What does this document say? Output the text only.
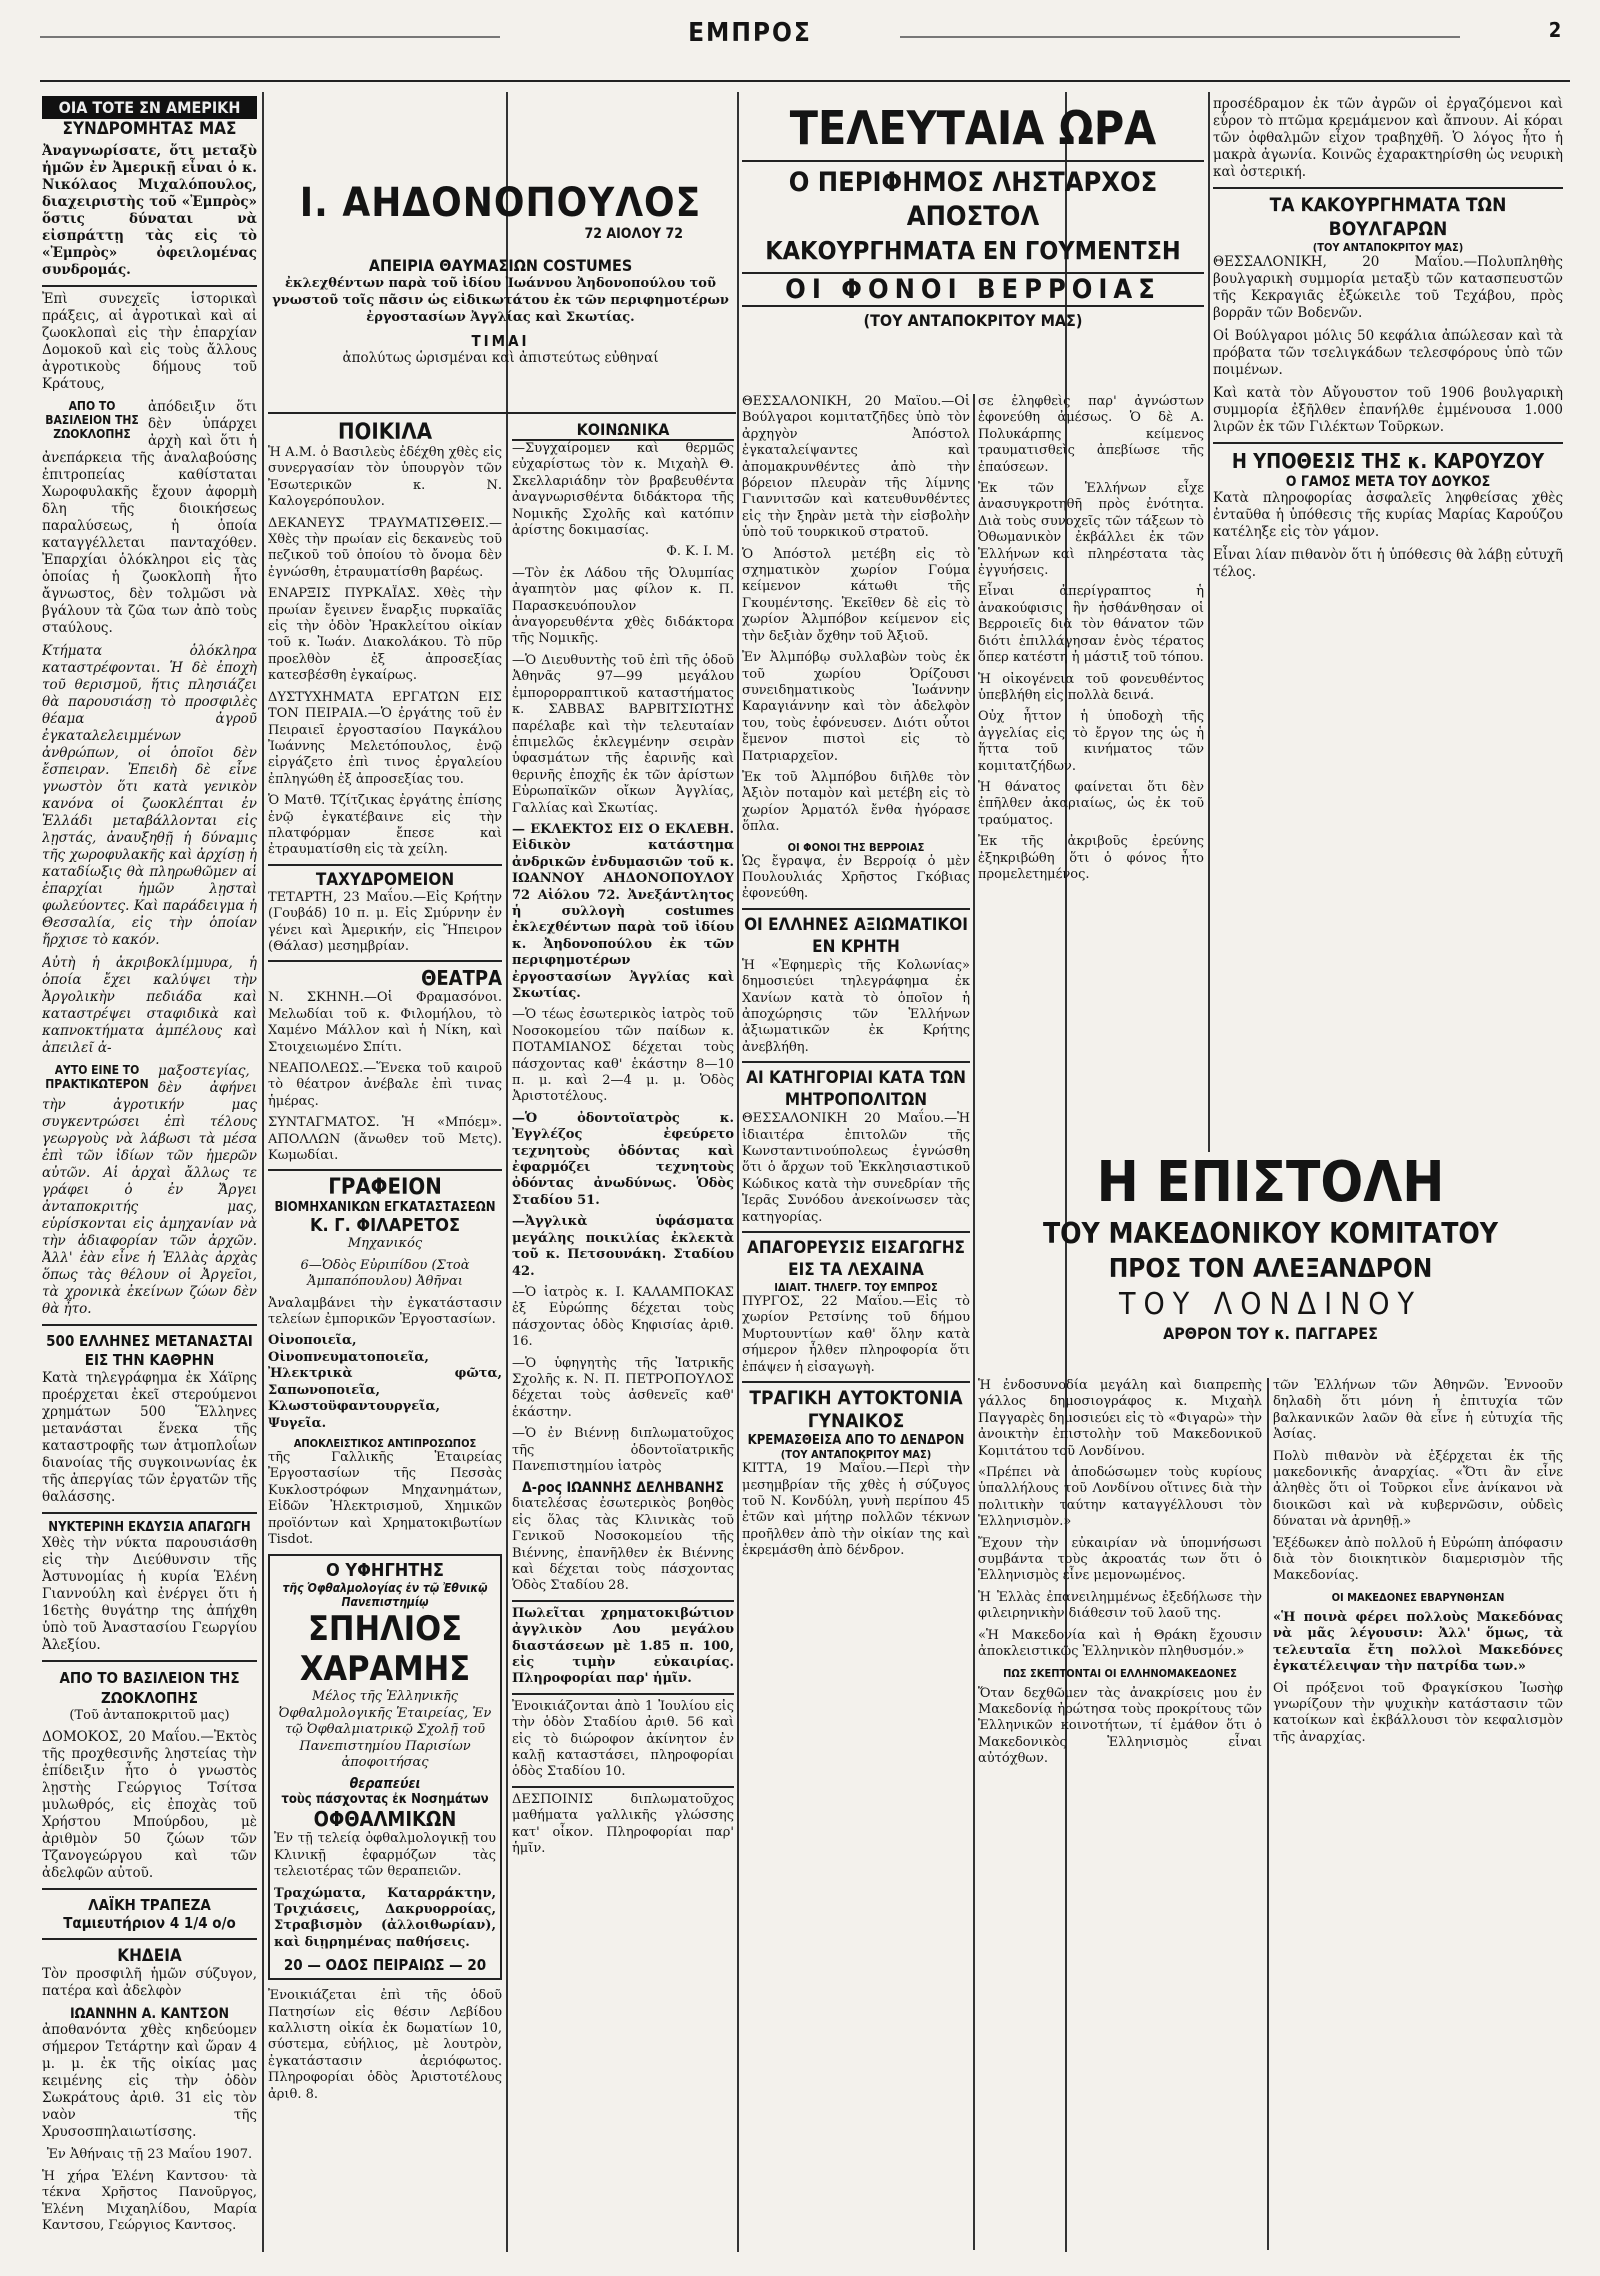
ΕΜΠΡΟΣ	2
ΟΙΑ ΤΟΤΕ ΣΝ ΑΜΕΡΙΚΗ
ΣΥΝΔΡΟΜΗΤΑΣ ΜΑΣ

Ἀναγνωρίσατε, ὅτι μεταξὺ ἡμῶν ἐν Ἀμερικῇ εἶναι ὁ κ. Νικόλαος Μιχαλόπουλος, διαχειριστὴς τοῦ «Ἐμπρὸς» ὅστις δύναται νὰ εἰσπράττῃ τὰς εἰς τὸ «Ἐμπρὸς» ὀφειλομένας συνδρομάς.

Ἐπὶ συνεχεῖς ἱστορικαὶ πράξεις, αἱ ἀγροτικαὶ καὶ αἱ ζωοκλοπαὶ εἰς τὴν ἐπαρχίαν Δομοκοῦ καὶ εἰς τοὺς ἄλλους ἀγροτικοὺς δήμους τοῦ Κράτους,

ΑΠΟ ΤΟ ΒΑΣΙΛΕΙΟΝ ΤΗΣ ΖΩΟΚΛΟΠΗΣ

ἀπόδειξιν ὅτι δὲν ὑπάρχει ἀρχὴ καὶ ὅτι ἡ ἀνεπάρκεια τῆς ἀναλαβούσης ἐπιτροπείας καθίσταται Χωροφυλακῆς ἔχουν ἀφορμὴ δλη τῆς διοικήσεως παραλύσεως, ἡ ὁποία καταγγέλλεται πανταχόθεν. Ἐπαρχίαι ὁλόκληροι εἰς τὰς ὁποίας ἡ ζωοκλοπὴ ἦτο ἄγνωστος, δὲν τολμῶσι νὰ βγάλουν τὰ ζῶα των ἀπὸ τοὺς σταύλους.

Κτήματα ὁλόκληρα καταστρέφονται. Ἡ δὲ ἐποχὴ τοῦ θερισμοῦ, ἥτις πλησιάζει θὰ παρουσιάσῃ τὸ προσφιλὲς θέαμα ἀγροῦ ἐγκαταλελειμμένων ἀνθρώπων, οἱ ὁποῖοι δὲν ἔσπειραν. Ἐπειδὴ δὲ εἶνε γνωστὸν ὅτι κατὰ γενικὸν κανόνα οἱ ζωοκλέπται ἐν Ἑλλάδι μεταβάλλονται εἰς λῃστάς, ἀναυξηθῇ ἡ δύναμις τῆς χωροφυλακῆς καὶ ἀρχίσῃ ἡ καταδίωξις θὰ πληρωθῶμεν αἱ ἐπαρχίαι ἡμῶν λῃσταὶ φωλεύοντες. Καὶ παράδειγμα ἡ Θεσσαλία, εἰς τὴν ὁποίαν ἤρχισε τὸ κακόν.

Αὐτὴ ἡ ἀκριβοκλίμμυρα, ἡ ὁποία ἔχει καλύψει τὴν Ἀργολικὴν πεδιάδα καὶ καταστρέψει σταφιδικὰ καὶ καπνοκτήματα ἀμπέλους καὶ ἀπειλεῖ ἀ-

ΑΥΤΟ ΕΙΝΕ ΤΟ ΠΡΑΚΤΙΚΩΤΕΡΟΝ

μαξοστεγίας, δὲν ἀφήνει τὴν ἀγροτικήν μας συγκεντρώσει ἐπὶ τέλους γεωργοὺς νὰ λάβωσι τὰ μέσα ἐπὶ τῶν ἰδίων τῶν ἡμερῶν αὐτῶν. Αἱ ἀρχαὶ ἄλλως τε γράφει ὁ ἐν Ἄργει ἀνταποκριτής μας, εὑρίσκονται εἰς ἀμηχανίαν νὰ τὴν ἀδιαφορίαν τῶν ἀρχῶν. Ἀλλ' ἐὰν εἶνε ἡ Ἑλλὰς ἀρχὰς ὅπως τὰς θέλουν οἱ Ἀργεῖοι, τὰ χρονικὰ ἐκείνων ζώων δὲν θὰ ἦτο.

500 ΕΛΛΗΝΕΣ ΜΕΤΑΝΑΣΤΑΙ ΕΙΣ ΤΗΝ ΚΑΘΡΗΝ

Κατὰ τηλεγράφημα ἐκ Χάϊρης προέρχεται ἐκεῖ στερούμενοι χρημάτων 500 Ἕλληνες μετανάσται ἕνεκα τῆς καταστροφῆς των ἀτμοπλοΐων διανοίας τῆς συγκοινωνίας ἐκ τῆς ἀπεργίας τῶν ἐργατῶν τῆς θαλάσσης.

ΝΥΚΤΕΡΙΝΗ ΕΚΔΥΣΙΑ ΑΠΑΓΩΓΗ

Χθὲς τὴν νύκτα παρουσιάσθη εἰς τὴν Διεύθυνσιν τῆς Ἀστυνομίας ἡ κυρία Ἑλένη Γιαννούλη καὶ ἐνέργει ὅτι ἡ 16ετὴς θυγάτηρ της ἀπήχθη ὑπὸ τοῦ Ἀναστασίου Γεωργίου Ἀλεξίου.

ΑΠΟ ΤΟ ΒΑΣΙΛΕΙΟΝ ΤΗΣ ΖΩΟΚΛΟΠΗΣ
(Τοῦ ἀνταποκριτοῦ μας)

ΔΟΜΟΚΟΣ, 20 Μαΐου.—Ἐκτὸς τῆς προχθεσινῆς ληστείας τὴν ἐπίδειξιν ἦτο ὁ γνωστὸς λῃστὴς Γεώργιος Τσίτσα μυλωθρός, εἰς ἐποχὰς τοῦ Χρήστου Μπούρδου, μὲ ἀριθμὸν 50 ζώων τῶν Τζανογεώργου καὶ τῶν ἀδελφῶν αὐτοῦ.

ΛΑΪΚΗ ΤΡΑΠΕΖΑ
Ταμιευτήριον 4 1/4 ο/ο
ΚΗΔΕΙΑ

Τὸν προσφιλῆ ἡμῶν σύζυγον, πατέρα καὶ ἀδελφὸν

ΙΩΑΝΝΗΝ Α. ΚΑΝΤΣΟΝ

ἀποθανόντα χθὲς κηδεύομεν σήμερον Τετάρτην καὶ ὥραν 4 μ. μ. ἐκ τῆς οἰκίας μας κειμένης εἰς τὴν ὁδὸν Σωκράτους ἀριθ. 31 εἰς τὸν ναὸν τῆς Χρυσοσπηλαιωτίσσης.

Ἐν Ἀθήναις τῇ 23 Μαΐου 1907.

Ἡ χήρα Ἑλένη Καντσου· τὰ τέκνα Χρῆστος Πανοῦργος, Ἑλένη Μιχαηλίδου, Μαρία Καντσου, Γεώργιος Καντσος.

Ι. ΑΗΔΟΝΟΠΟΥΛΟΣ
72 ΑΙΟΛΟΥ 72
ΑΠΕΙΡΙΑ ΘΑΥΜΑΣΙΩΝ COSTUMES

ἐκλεχθέντων παρὰ τοῦ ἰδίου Ἰωάννου Ἀηδονοπούλου τοῦ γνωστοῦ τοῖς πᾶσιν ὡς εἰδικωτάτου ἐκ τῶν περιφημοτέρων ἐργοστασίων Ἀγγλίας καὶ Σκωτίας.

ΤΙΜΑΙ

ἀπολύτως ὡρισμέναι καὶ ἀπιστεύτως εὐθηναί

ΠΟΙΚΙΛΑ

Ἡ Α.Μ. ὁ Βασιλεὺς ἐδέχθη χθὲς εἰς συνεργασίαν τὸν ὑπουργὸν τῶν Ἐσωτερικῶν κ. Ν. Καλογερόπουλον.

ΔΕΚΑΝΕΥΣ ΤΡΑΥΜΑΤΙΣΘΕΙΣ.—Χθὲς τὴν πρωίαν εἰς δεκανεὺς τοῦ πεζικοῦ τοῦ ὁποίου τὸ ὄνομα δὲν ἐγνώσθη, ἐτραυματίσθη βαρέως.

ΕΝΑΡΞΙΣ ΠΥΡΚΑΪΑΣ. Χθὲς τὴν πρωίαν ἔγεινεν ἔναρξις πυρκαϊᾶς εἰς τὴν ὁδὸν Ἡρακλείτου οἰκίαν τοῦ κ. Ἰωάν. Διακολάκου. Τὸ πῦρ προελθὸν ἐξ ἀπροσεξίας κατεσβέσθη ἐγκαίρως.

ΔΥΣΤΥΧΗΜΑΤΑ ΕΡΓΑΤΩΝ ΕΙΣ ΤΟΝ ΠΕΙΡΑΙΑ.—Ὁ ἐργάτης τοῦ ἐν Πειραιεῖ ἐργοστασίου Παγκάλου Ἰωάννης Μελετόπουλος, ἐνῷ εἰργάζετο ἐπὶ τινος ἐργαλείου ἐπληγώθη ἐξ ἀπροσεξίας του.

Ὁ Ματθ. Τζίτζικας ἐργάτης ἐπίσης ἐνῷ ἐγκατέβαινε εἰς τὴν πλατφόρμαν ἔπεσε καὶ ἐτραυματίσθη εἰς τὰ χείλη.

ΤΑΧΥΔΡΟΜΕΙΟΝ

ΤΕΤΑΡΤΗ, 23 Μαΐου.—Εἰς Κρήτην (Γουβάδ) 10 π. μ. Εἰς Σμύρνην ἐν γένει καὶ Ἀμερικήν, εἰς Ἤπειρον (Θάλασ) μεσημβρίαν.

ΘΕΑΤΡΑ

Ν. ΣΚΗΝΗ.—Οἱ Φραμασόνοι. Μελωδίαι τοῦ κ. Φιλομήλου, τὸ Χαμένο Μάλλον καὶ ἡ Νίκη, καὶ Στοιχειωμένο Σπίτι.

ΝΕΑΠΟΛΕΩΣ.—Ἕνεκα τοῦ καιροῦ τὸ θέατρον ἀνέβαλε ἐπὶ τινας ἡμέρας.

ΣΥΝΤΑΓΜΑΤΟΣ. Ἡ «Μπόεμ». ΑΠΟΛΛΩΝ (ἄνωθεν τοῦ Μετς). Κωμωδίαι.

ΓΡΑΦΕΙΟΝ
ΒΙΟΜΗΧΑΝΙΚΩΝ ΕΓΚΑΤΑΣΤΑΣΕΩΝ
Κ. Γ. ΦΙΛΑΡΕΤΟΣ
Μηχανικός

6—Ὁδὸς Εὐριπίδου (Στοὰ Ἀμπαπόπουλου) Ἀθῆναι

Ἀναλαμβάνει τὴν ἐγκατάστασιν τελείων ἐμπορικῶν Ἐργοστασίων.

Οἰνοποιεῖα, Οἰνοπνευματοποιεῖα, Ἠλεκτρικὰ φῶτα, Σαπωνοποιεῖα, Κλωστοϋφαντουργεῖα, Ψυγεῖα.

ΑΠΟΚΛΕΙΣΤΙΚΟΣ ΑΝΤΙΠΡΟΣΩΠΟΣ

τῆς Γαλλικῆς Ἑταιρείας Ἐργοστασίων τῆς Πεσσὰς Κυκλοστρόφων Μηχανημάτων, Εἰδῶν Ἠλεκτρισμοῦ, Χημικῶν προϊόντων καὶ Χρηματοκιβωτίων Tisdot.

Ο ΥΦΗΓΗΤΗΣ
τῆς Ὀφθαλμολογίας ἐν τῷ Ἐθνικῷ Πανεπιστημίῳ
ΣΠΗΛΙΟΣ
ΧΑΡΑΜΗΣ

Μέλος τῆς Ἑλληνικῆς Ὀφθαλμολογικῆς Ἑταιρείας, Ἐν τῷ Ὀφθαλμιατρικῷ Σχολῇ τοῦ Πανεπιστημίου Παρισίων ἀποφοιτήσας

θεραπεύει
τοὺς πάσχοντας ἐκ Νοσημάτων
ΟΦΘΑΛΜΙΚΩΝ

Ἐν τῇ τελείᾳ ὀφθαλμολογικῇ του Κλινικῇ ἐφαρμόζων τὰς τελειοτέρας τῶν θεραπειῶν.

Τραχώματα, Καταρράκτην, Τριχιάσεις, Δακρυορροίας, Στραβισμὸν (ἀλλοιθωρίαν), καὶ διῃρημένας παθήσεις.

20 — ΟΔΟΣ ΠΕΙΡΑΙΩΣ — 20

Ἐνοικιάζεται ἐπὶ τῆς ὁδοῦ Πατησίων εἰς θέσιν Λεβίδου καλλιστη οἰκία ἐκ δωματίων 10, σύστεμα, εὐήλιος, μὲ λουτρὸν, ἐγκατάστασιν ἀεριόφωτος. Πληροφορίαι ὁδὸς Ἀριστοτέλους ἀριθ. 8.

ΚΟΙΝΩΝΙΚΑ

—Συγχαίρομεν καὶ θερμῶς εὐχαρίστως τὸν κ. Μιχαὴλ Θ. Σκελλαριάδην τὸν βραβευθέντα ἀναγνωρισθέντα διδάκτορα τῆς Νομικῆς Σχολῆς καὶ κατόπιν ἀρίστης δοκιμασίας.

Φ. Κ. Ι. Μ.

—Τὸν ἐκ Λάδου τῆς Ὀλυμπίας ἀγαπητὸν μας φίλον κ. Π. Παρασκευόπουλον ἀναγορευθέντα χθὲς διδάκτορα τῆς Νομικῆς.

—Ὁ Διευθυντὴς τοῦ ἐπὶ τῆς ὁδοῦ Ἀθηνᾶς 97—99 μεγάλου ἐμπορορραπτικοῦ καταστήματος κ. ΣΑΒΒΑΣ ΒΑΡΒΙΤΣΙΩΤΗΣ παρέλαβε καὶ τὴν τελευταίαν ἐπιμελῶς ἐκλεγμένην σειρὰν ὑφασμάτων τῆς ἐαρινῆς καὶ θερινῆς ἐποχῆς ἐκ τῶν ἀρίστων Εὐρωπαϊκῶν οἴκων Ἀγγλίας, Γαλλίας καὶ Σκωτίας.

— ΕΚΛΕΚΤΟΣ ΕΙΣ Ο ΕΚΛΕΒΗ. Εἰδικὸν κατάστημα ἀνδρικῶν ἐνδυμασιῶν τοῦ κ. ΙΩΑΝΝΟΥ ΑΗΔΟΝΟΠΟΥΛΟΥ 72 Αἰόλου 72. Ἀνεξάντλητος ἡ συλλογὴ costumes ἐκλεχθέντων παρὰ τοῦ ἰδίου κ. Ἀηδονοπούλου ἐκ τῶν περιφημοτέρων ἐργοστασίων Ἀγγλίας καὶ Σκωτίας.

—Ὁ τέως ἐσωτερικὸς ἰατρὸς τοῦ Νοσοκομείου τῶν παίδων κ. ΠΟΤΑΜΙΑΝΟΣ δέχεται τοὺς πάσχοντας καθ' ἑκάστην 8—10 π. μ. καὶ 2—4 μ. μ. Ὁδὸς Ἀριστοτέλους.

—Ὁ ὀδοντοϊατρὸς κ. Ἐγγλέζος ἐφεύρετο τεχνητοὺς ὀδόντας καὶ ἐφαρμόζει τεχνητοὺς ὀδόντας ἀνωδύνως. Ὁδὸς Σταδίου 51.

—Ἀγγλικὰ ὑφάσματα μεγάλης ποικιλίας ἐκλεκτὰ τοῦ κ. Πετσουνάκη. Σταδίου 42.

—Ὁ ἰατρὸς κ. Ι. ΚΑΛΑΜΠΟΚΑΣ ἐξ Εὐρώπης δέχεται τοὺς πάσχοντας ὁδὸς Κηφισίας ἀριθ. 16.

—Ὁ ὑφηγητὴς τῆς Ἰατρικῆς Σχολῆς κ. Ν. Π. ΠΕΤΡΟΠΟΥΛΟΣ δέχεται τοὺς ἀσθενεῖς καθ' ἑκάστην.

—Ὁ ἐν Βιέννῃ διπλωματοῦχος τῆς ὁδοντοϊατρικῆς Πανεπιστημίου ἰατρὸς

Δ-ρος ΙΩΑΝΝΗΣ ΔΕΛΗΒΑΝΗΣ

διατελέσας ἐσωτερικὸς βοηθὸς εἰς ὅλας τὰς Κλινικὰς τοῦ Γενικοῦ Νοσοκομείου τῆς Βιέννης, ἐπανῆλθεν ἐκ Βιέννης καὶ δέχεται τοὺς πάσχοντας Ὁδὸς Σταδίου 28.

Πωλεῖται χρηματοκιβώτιον ἀγγλικὸν Λου μεγάλου διαστάσεων μὲ 1.85 π. 100, εἰς τιμὴν εὐκαιρίας. Πληροφορίαι παρ' ἡμῖν.

Ἐνοικιάζονται ἀπὸ 1 Ἰουλίου εἰς τὴν ὁδὸν Σταδίου ἀριθ. 56 καὶ εἰς τὸ διώροφον ἀκίνητον ἐν καλῇ καταστάσει, πληροφορίαι ὁδὸς Σταδίου 10.

ΔΕΣΠΟΙΝΙΣ διπλωματοῦχος μαθήματα γαλλικῆς γλώσσης κατ' οἶκον. Πληροφορίαι παρ' ἡμῖν.

ΤΕΛΕΥΤΑΙΑ ΩΡΑ
Ο ΠΕΡΙΦΗΜΟΣ ΛΗΣΤΑΡΧΟΣ ΑΠΟΣΤΟΛ
ΚΑΚΟΥΡΓΗΜΑΤΑ ΕΝ ΓΟΥΜΕΝΤΣΗ
ΟΙ ΦΟΝΟΙ ΒΕΡΡΟΙΑΣ
(ΤΟΥ ΑΝΤΑΠΟΚΡΙΤΟΥ ΜΑΣ)

ΘΕΣΣΑΛΟΝΙΚΗ, 20 Μαΐου.—Οἱ Βούλγαροι κομιτατζῆδες ὑπὸ τὸν ἀρχηγὸν Ἀπόστολ ἐγκαταλείψαντες καὶ ἀπομακρυνθέντες ἀπὸ τὴν βόρειον πλευρὰν τῆς λίμνης Γιαννιτσῶν καὶ κατευθυνθέντες εἰς τὴν ξηρὰν μετὰ τὴν εἰσβολὴν ὑπὸ τοῦ τουρκικοῦ στρατοῦ.

Ὁ Ἀπόστολ μετέβη εἰς τὸ σχηματικὸν χωρίον Γούμα κείμενον κάτωθι τῆς Γκουμέντσης. Ἐκεῖθεν δὲ εἰς τὸ χωρίον Ἀλμπόβον κείμενον εἰς τὴν δεξιὰν ὄχθην τοῦ Ἀξιοῦ.

Ἐν Ἀλμπόβῳ συλλαβὼν τοὺς ἐκ τοῦ χωρίου Ὀρίζουσι συνειδηματικοὺς Ἰωάννην Καραγιάννην καὶ τὸν ἀδελφὸν του, τοὺς ἐφόνευσεν. Διότι οὗτοι ἔμενον πιστοὶ εἰς τὸ Πατριαρχεῖον.

Ἐκ τοῦ Ἀλμπόβου διῆλθε τὸν Ἀξιὸν ποταμὸν καὶ μετέβη εἰς τὸ χωρίον Ἀρματόλ ἔνθα ἠγόρασε ὅπλα.

ΟΙ ΦΟΝΟΙ ΤΗΣ ΒΕΡΡΟΙΑΣ

Ὡς ἔγραψα, ἐν Βερροίᾳ ὁ μὲν Πουλουλιάς Χρῆστος Γκόβιας ἐφονεύθη.

ΟΙ ΕΛΛΗΝΕΣ ΑΞΙΩΜΑΤΙΚΟΙ ΕΝ ΚΡΗΤΗ

Ἡ «Ἐφημερὶς τῆς Κολωνίας» δημοσιεύει τηλεγράφημα ἐκ Χανίων κατὰ τὸ ὁποῖον ἡ ἀποχώρησις τῶν Ἑλλήνων ἀξιωματικῶν ἐκ Κρήτης ἀνεβλήθη.

ΑΙ ΚΑΤΗΓΟΡΙΑΙ ΚΑΤΑ ΤΩΝ ΜΗΤΡΟΠΟΛΙΤΩΝ

ΘΕΣΣΑΛΟΝΙΚΗ 20 Μαΐου.—Ἡ ἰδιαιτέρα ἐπιτολῶν τῆς Κωνσταντινούπολεως ἐγνώσθη ὅτι ὁ ἄρχων τοῦ Ἐκκλησιαστικοῦ Κώδικος κατὰ τὴν συνεδρίαν τῆς Ἱερᾶς Συνόδου ἀνεκοίνωσεν τὰς κατηγορίας.

ΑΠΑΓΟΡΕΥΣΙΣ ΕΙΣΑΓΩΓΗΣ ΕΙΣ ΤΑ ΛΕΧΑΙΝΑ
ΙΔΙΑΙΤ. ΤΗΛΕΓΡ. ΤΟΥ ΕΜΠΡΟΣ

ΠΥΡΓΟΣ, 22 Μαΐου.—Εἰς τὸ χωρίον Ρετσίνης τοῦ δήμου Μυρτουντίων καθ' ὅλην κατὰ σήμερον ἦλθεν πληροφορία ὅτι ἐπάψεν ἡ εἰσαγωγὴ.

ΤΡΑΓΙΚΗ ΑΥΤΟΚΤΟΝΙΑ ΓΥΝΑΙΚΟΣ
ΚΡΕΜΑΣΘΕΙΣΑ ΑΠΟ ΤΟ ΔΕΝΔΡΟΝ
(ΤΟΥ ΑΝΤΑΠΟΚΡΙΤΟΥ ΜΑΣ)

ΚΙΤΤΑ, 19 Μαΐου.—Περὶ τὴν μεσημβρίαν τῆς χθὲς ἡ σύζυγος τοῦ Ν. Κονδύλη, γυνὴ περίπου 45 ἐτῶν καὶ μήτηρ πολλῶν τέκνων προῆλθεν ἀπὸ τὴν οἰκίαν της καὶ ἐκρεμάσθη ἀπὸ δένδρον.

σε ἐληφθεὶς παρ' ἀγνώστων ἐφονεύθη ἀμέσως. Ὁ δὲ Α. Πολυκάρπης κείμενος τραυματισθεὶς ἀπεβίωσε τῆς ἐπαύσεων.

Ἐκ τῶν Ἑλλήνων εἶχε ἀνασυγκροτηθῆ πρὸς ἐνότητα. Διὰ τοὺς συνοχεῖς τῶν τάξεων τὸ Ὀθωμανικὸν ἐκβάλλει ἐκ τῶν Ἑλλήνων καὶ πληρέστατα τὰς ἐγγυήσεις.

Εἶναι ἀπερίγραπτος ἡ ἀνακούφισις ἣν ἠσθάνθησαν οἱ Βερροιεῖς διὰ τὸν θάνατον τῶν διότι ἐπιλλάγησαν ἑνὸς τέρατος ὅπερ κατέστη ἡ μάστιξ τοῦ τόπου.

Ἡ οἰκογένεια τοῦ φονευθέντος ὑπεβλήθη εἰς πολλὰ δεινά.

Οὐχ ἧττον ἡ ὑποδοχὴ τῆς ἀγγελίας εἰς τὸ ἔργον της ὡς ἡ ἥττα τοῦ κινήματος τῶν κομιτατζήδων.

Ἡ θάνατος φαίνεται ὅτι δὲν ἐπῆλθεν ἀκαριαίως, ὡς ἐκ τοῦ τραύματος.

Ἐκ τῆς ἀκριβοῦς ἐρεύνης ἐξηκριβώθη ὅτι ὁ φόνος ἦτο προμελετημένος.

προσέδραμον ἐκ τῶν ἀγρῶν οἱ ἐργαζόμενοι καὶ εὗρον τὸ πτῶμα κρεμάμενον καὶ ἄπνουν. Αἱ κόραι τῶν ὀφθαλμῶν εἶχον τραβηχθῆ. Ὁ λόγος ἦτο ἡ μακρὰ ἀγωνία. Κοινῶς ἐχαρακτηρίσθη ὡς νευρικὴ καὶ ὀστερική.

ΤΑ ΚΑΚΟΥΡΓΗΜΑΤΑ ΤΩΝ ΒΟΥΛΓΑΡΩΝ
(ΤΟΥ ΑΝΤΑΠΟΚΡΙΤΟΥ ΜΑΣ)

ΘΕΣΣΑΛΟΝΙΚΗ, 20 Μαΐου.—Πολυπληθὴς βουλγαρικὴ συμμορία μεταξὺ τῶν κατασπευστῶν τῆς Κεκραγιᾶς ἐξώκειλε τοῦ Τεχάβου, πρὸς βορρᾶν τῶν Βοδενῶν.

Οἱ Βούλγαροι μόλις 50 κεφάλια ἀπώλεσαν καὶ τὰ πρόβατα τῶν τσελιγκάδων τελεσφόρους ὑπὸ τῶν ποιμένων.

Καὶ κατὰ τὸν Αὔγουστον τοῦ 1906 βουλγαρικὴ συμμορία ἐξῆλθεν ἐπανήλθε ἐμμένουσα 1.000 λιρῶν ἐκ τῶν Γιλέκτων Τοῦρκων.

Η ΥΠΟΘΕΣΙΣ ΤΗΣ κ. ΚΑΡΟΥΖΟΥ
Ο ΓΑΜΟΣ ΜΕΤΑ ΤΟΥ ΔΟΥΚΟΣ

Κατὰ πληροφορίας ἀσφαλεῖς ληφθείσας χθὲς ἐνταῦθα ἡ ὑπόθεσις τῆς κυρίας Μαρίας Καρούζου κατέληξε εἰς τὸν γάμον.

Εἶναι λίαν πιθανὸν ὅτι ἡ ὑπόθεσις θὰ λάβῃ εὐτυχῆ τέλος.

Η ΕΠΙΣΤΟΛΗ
ΤΟΥ ΜΑΚΕΔΟΝΙΚΟΥ ΚΟΜΙΤΑΤΟΥ
ΠΡΟΣ ΤΟΝ ΑΛΕΞΑΝΔΡΟΝ
ΤΟΥ ΛΟΝΔΙΝΟΥ
ΑΡΘΡΟΝ ΤΟΥ κ. ΠΑΓΓΑΡΕΣ

Ἡ ἐνδοσυνοδία μεγάλη καὶ διαπρεπὴς γάλλος δημοσιογράφος κ. Μιχαὴλ Παγγαρὲς δημοσιεύει εἰς τὸ «Φιγαρὼ» τὴν ἀνοικτὴν ἐπιστολὴν τοῦ Μακεδονικοῦ Κομιτάτου τοῦ Λονδίνου.

«Πρέπει νὰ ἀποδώσωμεν τοὺς κυρίους ὑπαλλήλους τοῦ Λονδίνου οἵτινες διὰ τὴν πολιτικὴν ταύτην καταγγέλλουσι τὸν Ἑλληνισμὸν.»

Ἔχουν τὴν εὐκαιρίαν νὰ ὑπομνήσωσι συμβάντα τοὺς ἀκροατάς των ὅτι ὁ Ἑλληνισμὸς εἶνε μεμονωμένος.

Ἡ Ἑλλὰς ἐπανειλημμένως ἐξεδήλωσε τὴν φιλειρηνικὴν διάθεσιν τοῦ λαοῦ της.

«Ἡ Μακεδονία καὶ ἡ Θράκη ἔχουσιν ἀποκλειστικῶς Ἑλληνικὸν πληθυσμόν.»

ΠΩΣ ΣΚΕΠΤΟΝΤΑΙ ΟΙ ΕΛΛΗΝΟΜΑΚΕΔΟΝΕΣ

Ὅταν δεχθῶμεν τὰς ἀνακρίσεις μου ἐν Μακεδονίᾳ ἠρώτησα τοὺς προκρίτους τῶν Ἑλληνικῶν κοινοτήτων, τί ἐμάθον ὅτι ὁ Μακεδονικὸς Ἑλληνισμὸς εἶναι αὐτόχθων.

τῶν Ἑλλήνων τῶν Ἀθηνῶν. Ἐννοοῦν δηλαδὴ ὅτι μόνη ἡ ἐπιτυχία τῶν βαλκανικῶν λαῶν θὰ εἶνε ἡ εὐτυχία τῆς Ἀσίας.

Πολὺ πιθανὸν νὰ ἐξέρχεται ἐκ τῆς μακεδονικῆς ἀναρχίας. «Ὅτι ἂν εἶνε ἀληθὲς ὅτι οἱ Τοῦρκοι εἶνε ἀνίκανοι νὰ διοικῶσι καὶ νὰ κυβερνῶσιν, οὐδεὶς δύναται νὰ ἀρνηθῇ.»

Ἐξέδωκεν ἀπὸ πολλοῦ ἡ Εὐρώπη ἀπόφασιν διὰ τὸν διοικητικὸν διαμερισμὸν τῆς Μακεδονίας.

ΟΙ ΜΑΚΕΔΟΝΕΣ ΕΒΑΡΥΝΘΗΣΑΝ

«Ἡ ποινὰ φέρει πολλοὺς Μακεδόνας νὰ μᾶς λέγουσιν: Ἀλλ' ὅμως, τὰ τελευταῖα ἔτη πολλοὶ Μακεδόνες ἐγκατέλειψαν τὴν πατρίδα των.»

Οἱ πρόξενοι τοῦ Φραγκίσκου Ἰωσὴφ γνωρίζουν τὴν ψυχικὴν κατάστασιν τῶν κατοίκων καὶ ἐκβάλλουσι τὸν κεφαλισμὸν τῆς ἀναρχίας.
